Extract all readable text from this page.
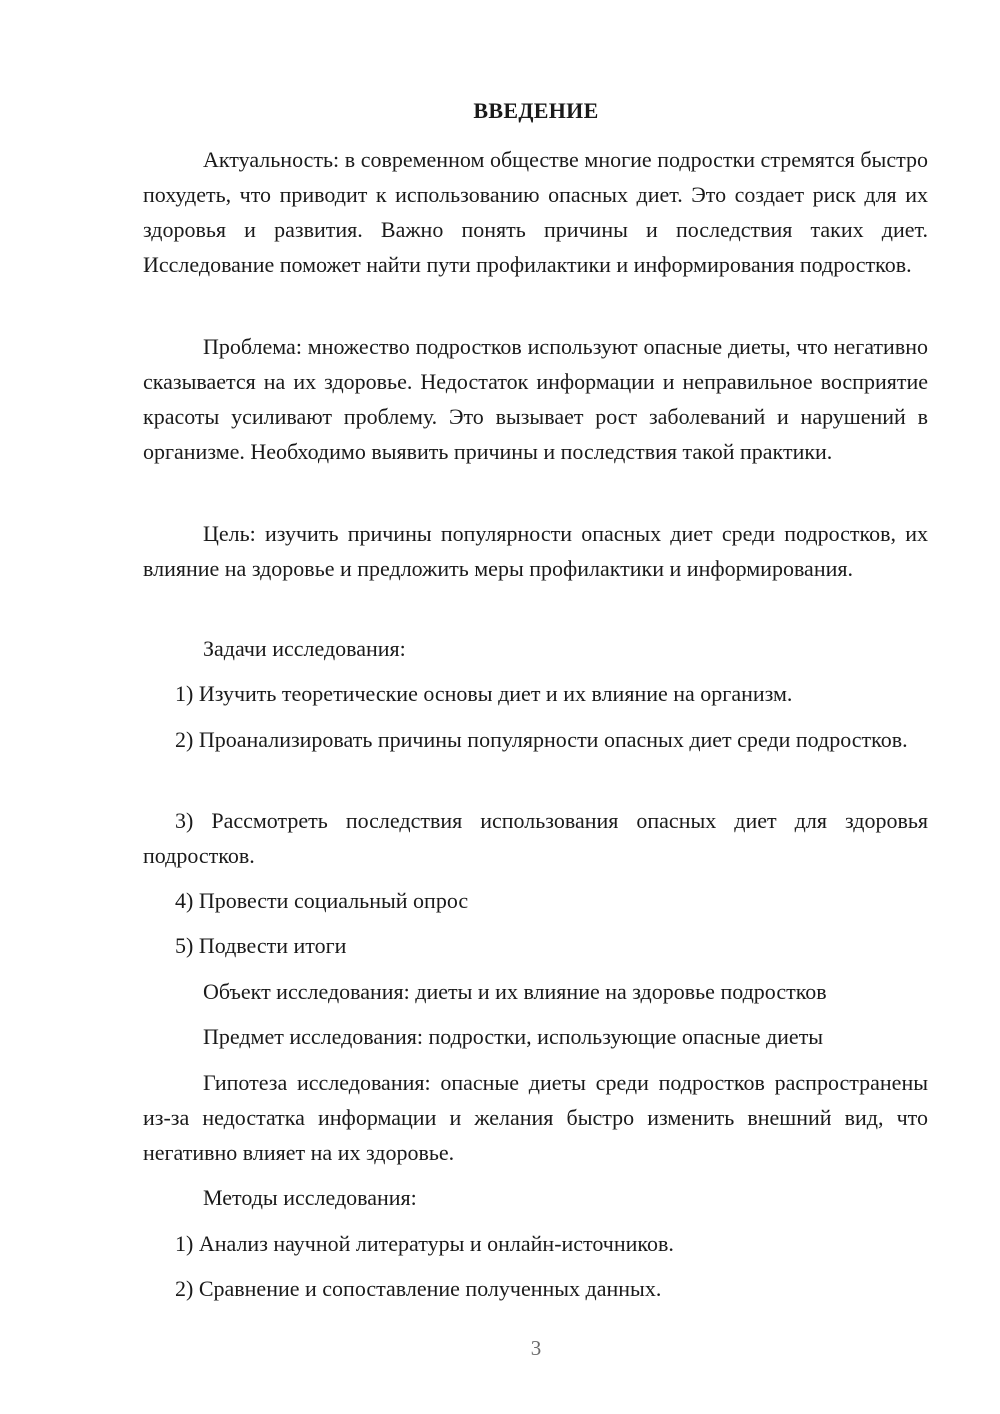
ВВЕДЕНИЕ

Актуальность: в современном обществе многие подростки стремятся быстро похудеть, что приводит к использованию опасных диет. Это создает риск для их здоровья и развития. Важно понять причины и последствия таких диет. Исследование поможет найти пути профилактики и информирования подростков.

Проблема: множество подростков используют опасные диеты, что негативно сказывается на их здоровье. Недостаток информации и неправильное восприятие красоты усиливают проблему. Это вызывает рост заболеваний и нарушений в организме. Необходимо выявить причины и последствия такой практики.

Цель: изучить причины популярности опасных диет среди подростков, их влияние на здоровье и предложить меры профилактики и информирования.

Задачи исследования:

1) Изучить теоретические основы диет и их влияние на организм.

2) Проанализировать причины популярности опасных диет среди подростков.

3) Рассмотреть последствия использования опасных диет для здоровья подростков.

4) Провести социальный опрос

5) Подвести итоги

Объект исследования: диеты и их влияние на здоровье подростков

Предмет исследования: подростки, использующие опасные диеты

Гипотеза исследования: опасные диеты среди подростков распространены из-за недостатка информации и желания быстро изменить внешний вид, что негативно влияет на их здоровье.

Методы исследования:

1) Анализ научной литературы и онлайн-источников.

2) Сравнение и сопоставление полученных данных.

3
